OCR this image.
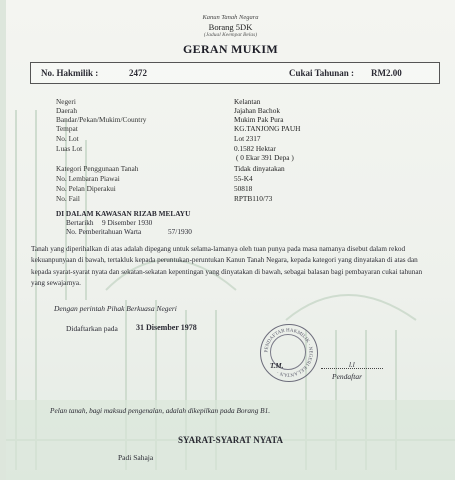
Kanun Tanah Negara
Borang 5DK
(Jadual Keempat Belas)
GERAN MUKIM
No. Hakmilik :	2472	Cukai Tahunan : RM2.00
Negeri	Kelantan
Daerah	Jajahan Bachok
Bandar/Pekan/Mukim/Country	Mukim Pak Pura
Tempat	KG.TANJONG PAUH
No. Lot	Lot 2317
Luas Lot	0.1582 Hektar
( 0 Ekar 391 Depa )
Kategori Penggunaan Tanah	Tidak dinyatakan
No. Lembaran Piawai	55-K4
No. Pelan Diperakui	50818
No. Fail	RPTB110/73
DI DALAM KAWASAN RIZAB MELAYU
Bertarikh 9 Disember 1930
No. Pemberitahuan Warta	57/1930
Tanah yang diperihalkan di atas adalah dipegang untuk selama-lamanya oleh tuan punya pada masa namanya disebut dalam rekod kekuanpunyaan di bawah, tertakluk kepada peruntukan-peruntukan Kanun Tanah Negara, kepada kategori yang dinyatakan di atas dan kepada syarat-syarat nyata dan sekatan-sekatan kepentingan yang dinyatakan di bawah, sebagai balasan bagi pembayaran cukai tahunan yang sewajarnya.
Dengan perintah Pihak Berkuasa Negeri
Didaftarkan pada 31 Disember 1978
PENDAFTAR HAKMILIK · NEGERI KELANTAN ·
T.M.	l.l
Pendaftar
Pelan tanah, bagi maksud pengenalan, adalah dikepilkan pada Borang B1.
SYARAT-SYARAT NYATA
Padi Sahaja
